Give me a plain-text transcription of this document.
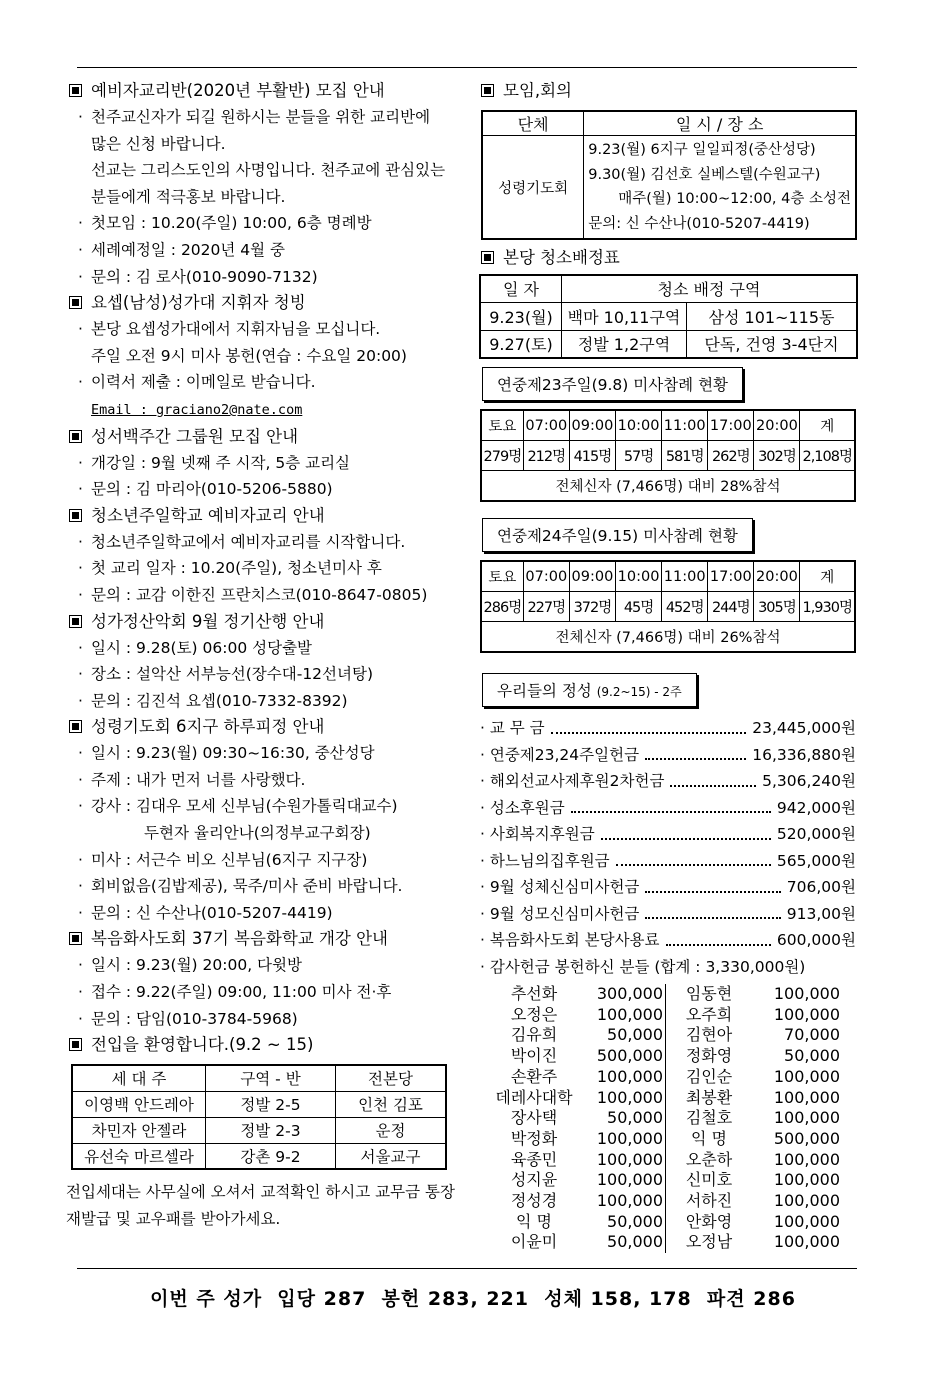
예비자교리반(2020년 부활반) 모집 안내
· 천주교신자가 되길 원하시는 분들을 위한 교리반에
많은 신청 바랍니다.
선교는 그리스도인의 사명입니다. 천주교에 관심있는
분들에게 적극홍보 바랍니다.
· 첫모임 : 10.20(주일) 10:00, 6층 명례방
· 세례예정일 : 2020년 4월 중
· 문의 : 김 로사(010-9090-7132)
요셉(남성)성가대 지휘자 청빙
· 본당 요셉성가대에서 지휘자님을 모십니다.
주일 오전 9시 미사 봉헌(연습 : 수요일 20:00)
· 이력서 제출 : 이메일로 받습니다.
Email : graciano2@nate.com
성서백주간 그룹원 모집 안내
· 개강일 : 9월 넷째 주 시작, 5층 교리실
· 문의 : 김 마리아(010-5206-5880)
청소년주일학교 예비자교리 안내
· 청소년주일학교에서 예비자교리를 시작합니다.
· 첫 교리 일자 : 10.20(주일), 청소년미사 후
· 문의 : 교감 이한진 프란치스코(010-8647-0805)
성가정산악회 9월 정기산행 안내
· 일시 : 9.28(토) 06:00 성당출발
· 장소 : 설악산 서부능선(장수대-12선녀탕)
· 문의 : 김진석 요셉(010-7332-8392)
성령기도회 6지구 하루피정 안내
· 일시 : 9.23(월) 09:30~16:30, 중산성당
· 주제 : 내가 먼저 너를 사랑했다.
· 강사 : 김대우 모세 신부님(수원가톨릭대교수)
두현자 율리안나(의정부교구회장)
· 미사 : 서근수 비오 신부님(6지구 지구장)
· 회비없음(김밥제공), 묵주/미사 준비 바랍니다.
· 문의 : 신 수산나(010-5207-4419)
복음화사도회 37기 복음화학교 개강 안내
· 일시 : 9.23(월) 20:00, 다윗방
· 접수 : 9.22(주일) 09:00, 11:00 미사 전·후
· 문의 : 담임(010-3784-5968)
전입을 환영합니다.(9.2 ~ 15)
세 대 주	구역 - 반	전본당
이영백 안드레아	정발 2-5	인천 김포
차민자 안젤라	정발 2-3	운정
유선숙 마르셀라	강촌 9-2	서울교구
전입세대는 사무실에 오셔서 교적확인 하시고 교무금 통장
재발급 및 교우패를 받아가세요.
모임,회의
단체	일 시 / 장 소
성령기도회	9.23(월) 6지구 일일피정(중산성당)
9.30(월) 김선호 실베스텔(수원교구)
매주(월) 10:00~12:00, 4층 소성전
문의: 신 수산나(010-5207-4419)
본당 청소배정표
일 자	청소 배정 구역	
9.23(월)	백마 10,11구역	삼성 101~115동
9.27(토)	정발 1,2구역	단독, 건영 3-4단지
연중제23주일(9.8) 미사참례 현황
토요	07:00	09:00	10:00	11:00	17:00	20:00	계
279명	212명	415명	57명	581명	262명	302명	2,108명
전체신자 (7,466명) 대비 28%참석							
연중제24주일(9.15) 미사참례 현황
토요	07:00	09:00	10:00	11:00	17:00	20:00	계
286명	227명	372명	45명	452명	244명	305명	1,930명
전체신자 (7,466명) 대비 26%참석							
우리들의 정성 (9.2~15) - 2주
· 교 무 금	23,445,000원
· 연중제23,24주일헌금	16,336,880원
· 해외선교사제후원2차헌금	5,306,240원
· 성소후원금	942,000원
· 사회복지후원금	520,000원
· 하느님의집후원금	565,000원
· 9월 성체신심미사헌금	706,00원
· 9월 성모신심미사헌금	913,00원
· 복음화사도회 본당사용료	600,000원
· 감사헌금 봉헌하신 분들 (합계 : 3,330,000원)
추선화	300,000	임동현	100,000
오정은	100,000	오주희	100,000
김유희	50,000	김현아	70,000
박이진	500,000	정화영	50,000
손환주	100,000	김인순	100,000
데레사대학	100,000	최봉환	100,000
장사택	50,000	김철호	100,000
박정화	100,000	익 명	500,000
육종민	100,000	오춘하	100,000
성지윤	100,000	신미호	100,000
정성경	100,000	서하진	100,000
익 명	50,000	안화영	100,000
이윤미	50,000	오정남	100,000
이번 주 성가  입당 287  봉헌 283, 221  성체 158, 178  파견 286
